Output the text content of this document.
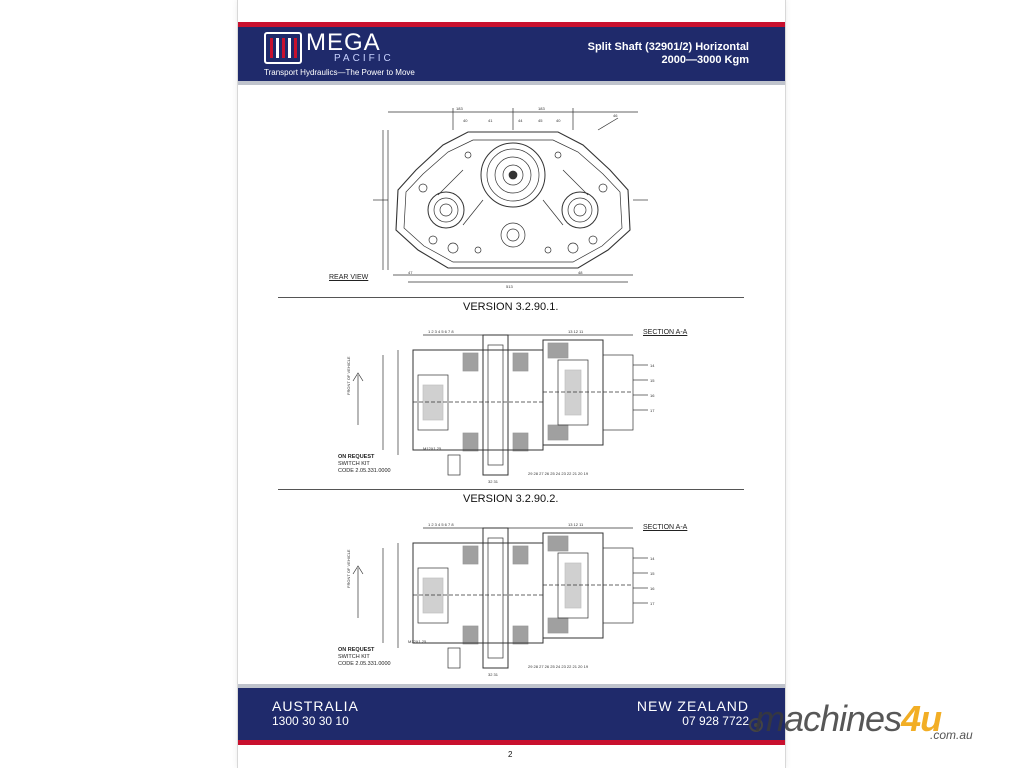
MEGA
PACIFIC
Transport Hydraulics—The Power to Move
Split Shaft (32901/2) Horizontal
2000—3000 Kgm
183	183
40	41	44	45	40
46
47	48
513
REAR VIEW
VERSION 3.2.90.1.
SECTION A-A
1 2 3 4 5 6 7 8	13 12 11
29 28 27 26 25 24 23 22 21 20 19
32 31
14
15
16
17
M12X1.25
FRONT OF VEHICLE
ON REQUEST
SWITCH KIT
CODE 2.05.331.0000
VERSION 3.2.90.2.
SECTION A-A
1 2 3 4 5 6 7 8	13 12 11
29 28 27 26 25 24 23 22 21 20 19
32 31
14
15
16
17
M12X1.25
FRONT OF VEHICLE
ON REQUEST
SWITCH KIT
CODE 2.05.331.0000
AUSTRALIA
1300 30 30 10
NEW ZEALAND
07 928 7722
2
machines4u
.com.au
